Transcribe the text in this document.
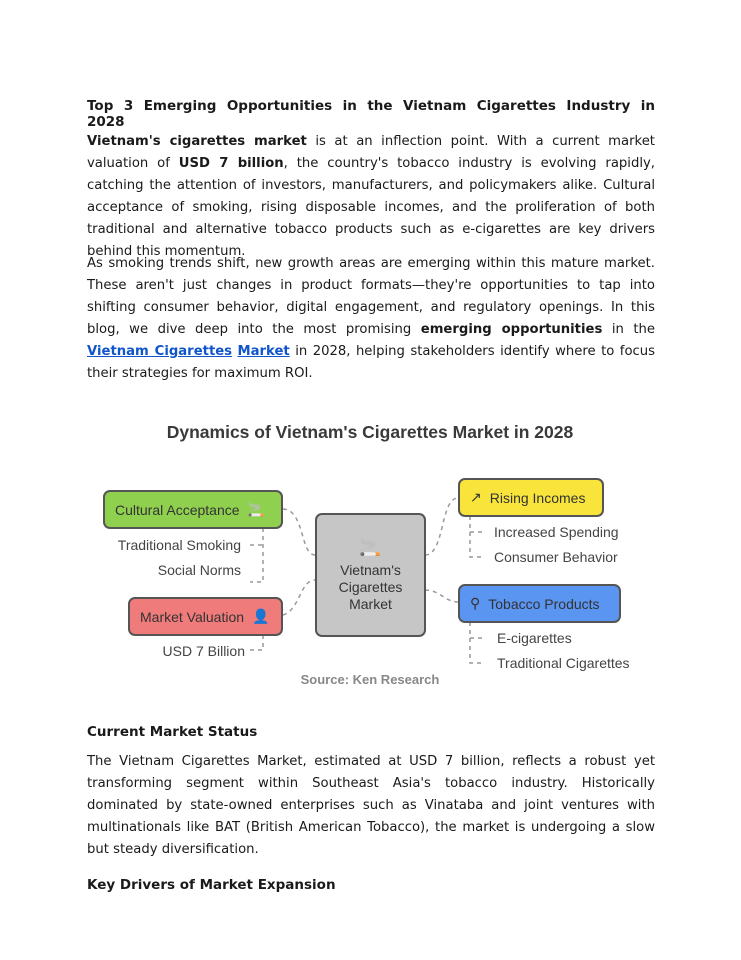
Top 3 Emerging Opportunities in the Vietnam Cigarettes Industry in 2028

Vietnam's cigarettes market is at an inflection point. With a current market valuation of USD 7 billion, the country's tobacco industry is evolving rapidly, catching the attention of investors, manufacturers, and policymakers alike. Cultural acceptance of smoking, rising disposable incomes, and the proliferation of both traditional and alternative tobacco products such as e-cigarettes are key drivers behind this momentum.

As smoking trends shift, new growth areas are emerging within this mature market. These aren't just changes in product formats—they're opportunities to tap into shifting consumer behavior, digital engagement, and regulatory openings. In this blog, we dive deep into the most promising emerging opportunities in the Vietnam Cigarettes Market in 2028, helping stakeholders identify where to focus their strategies for maximum ROI.

Dynamics of Vietnam's Cigarettes Market in 2028
Cultural Acceptance 🚬
Traditional Smoking
Social Norms
Market Valuation 👤
USD 7 Billion
🚬
Vietnam's Cigarettes Market
↗ Rising Incomes
Increased Spending
Consumer Behavior
⚲ Tobacco Products
E-cigarettes
Traditional Cigarettes
Source: Ken Research
Current Market Status
The Vietnam Cigarettes Market, estimated at USD 7 billion, reflects a robust yet transforming segment within Southeast Asia's tobacco industry. Historically dominated by state-owned enterprises such as Vinataba and joint ventures with multinationals like BAT (British American Tobacco), the market is undergoing a slow but steady diversification.
Key Drivers of Market Expansion
